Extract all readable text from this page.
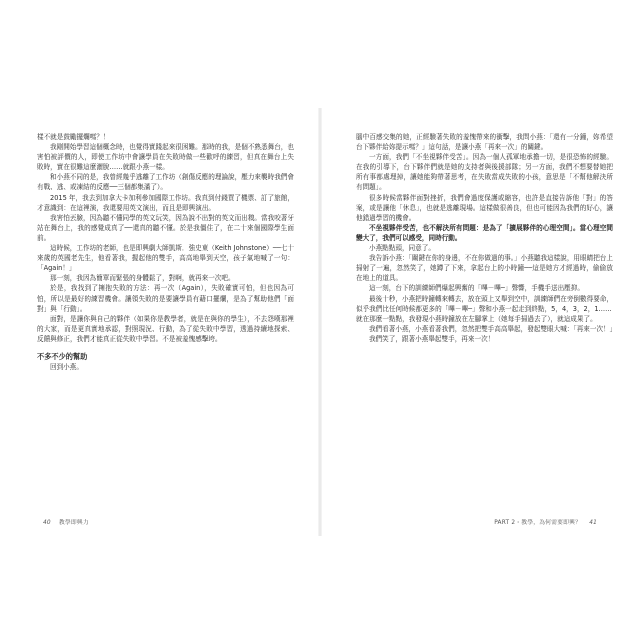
樣不就是鼓勵擺爛嗎？！

我剛開始學習這個概念時，也覺得實踐起來很困難。那時的我，是個不熟悉舞台，也害怕被評價的人，即使工作坊中會讓學員在失敗時做一些歡呼的練習，但真在舞台上失敗時，實在很難這麼灑脫……就跟小燕一樣。

和小燕不同的是，我曾經幾乎逃離了工作坊（創傷反應的理論說，壓力來襲時我們會有戰、逃、或凍結的反應──三個都集滿了）。

2015 年，我去到加拿大卡加利參加國際工作坊。我真到付錢買了機票、訂了旅館，才意識到：在這裡演，我還要用英文演出，而且是即興演出。

我害怕丟臉，因為聽不懂同學的英文玩笑，因為說不出對的英文而出糗。當我咬著牙站在舞台上，我的感覺成真了──還真的聽不懂。於是我僵住了，在二十來個國際學生面前。

這時候，工作坊的老師，也是即興劇大師凱斯．強史東（Keith Johnstone）──七十來歲的英國老先生，他看著我，握起他的雙手，高高地舉到天空，孩子氣地喊了一句：「Again！」

那一刻，我因為簡單而緊張的身體鬆了，對啊，就再來一次吧。

於是，我找到了擁抱失敗的方法：再一次（Again），失敗確實可怕，但也因為可怕，所以是最好的練習機會。讓領失敗的是要讓學員有藉口擺爛，是為了幫助他們「面對」與「行動」。

面對，是讓你與自己的夥伴（如果你是教學者，就是在與你的學生），不去怨嘆那裡的大家，而是更真實地承認，對照現況、行動，為了從失敗中學習，透過持續地探索、反饋與修正，我們才能真正從失敗中學習。不是被羞愧感擊垮。

不多不少的幫助

回到小燕。

腦中百感交集的她，正經驗著失敗的羞愧帶來的衝擊，我問小燕：「還有一分鐘，妳希望台下夥伴給妳提示嗎？」這句話，是讓小燕「再來一次」的關鍵。

一方面，我們「不坐視夥伴受苦」。因為一個人孤軍地承擔一切，是很恐怖的經驗。在我的引導下，台下夥伴們就是她的支持者與後援部隊；另一方面，我們不想要替她把所有事都處理掉，讓她能夠帶著思考，在失敗當成失敗的小孩，意思是「不幫他解決所有問題」。

很多時候當夥伴面對挫折，我們會過度保護或縮容，也許是直接告訴他「對」的答案，或是讓他「休息」，也就是逃離現場。這樣做很善良，但也可能因為我們的好心，讓他錯過學習的機會。

不坐視夥伴受苦，也不解決所有問題：是為了「擴展夥伴的心理空間」。當心理空間變大了，我們可以感受，同時行動。

小燕點點頭，同意了。

我告訴小燕：「關鍵在你的身邊，不在你做過的事。」小燕聽我這樣說，用眼睛把台上掃射了一遍，忽然笑了，她蹲了下來，拿起台上的小時鐘──這是她方才經過時，偷偷放在地上的道具。

這一刻，台下的訓練師們爆起興奮的「嗶－嗶─」聲響，手機手送出壓抑。

最後十秒，小燕把時鐘轉來轉去，放在頭上又舉到空中，訓練師們在旁倒數得要命，似乎我們比任何時候都更多的「嗶－嗶─」聲和小燕一起走到終點，5，4，3，2，1……

就在那麼一點點，我發現小燕時鐘放在左腳掌上（她每手掃過去了），就這成果了。

我們看著小燕，小燕看著我們，忽然把雙手高高舉起，發起雙眼大喊：「再來一次！」

我們笑了，跟著小燕舉起雙手，再來一次！

40 教學即興力	PART 2・教學，為何需要即興？ 41
